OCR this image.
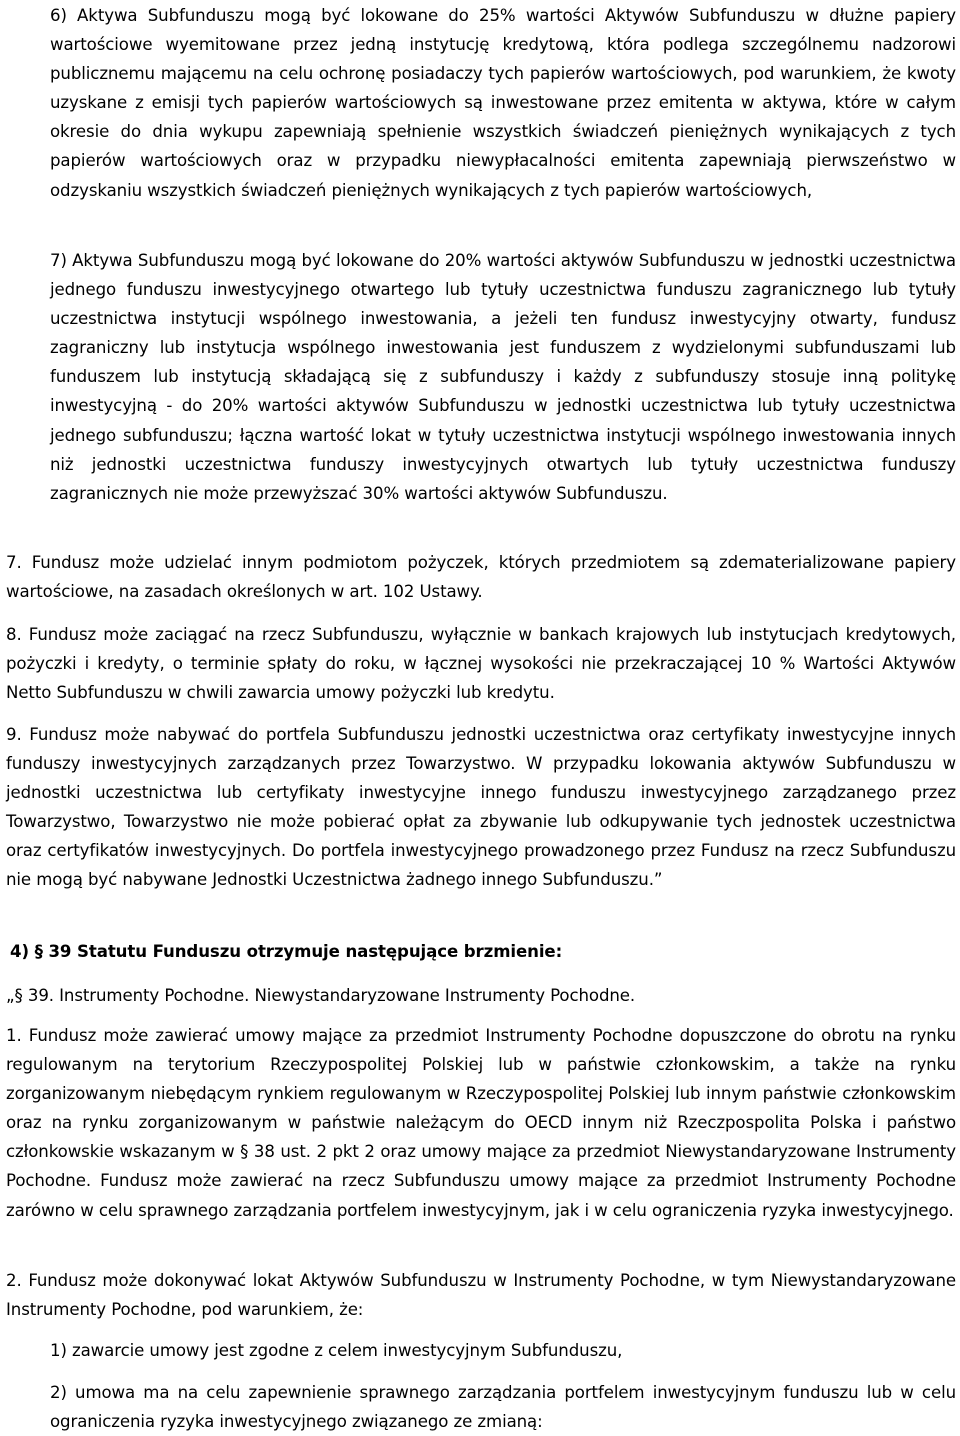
6) Aktywa Subfunduszu mogą być lokowane do 25% wartości Aktywów Subfunduszu w dłużne papiery wartościowe wyemitowane przez jedną instytucję kredytową, która podlega szczególnemu nadzorowi publicznemu mającemu na celu ochronę posiadaczy tych papierów wartościowych, pod warunkiem, że kwoty uzyskane z emisji tych papierów wartościowych są inwestowane przez emitenta w aktywa, które w całym okresie do dnia wykupu zapewniają spełnienie wszystkich świadczeń pieniężnych wynikających z tych papierów wartościowych oraz w przypadku niewypłacalności emitenta zapewniają pierwszeństwo w odzyskaniu wszystkich świadczeń pieniężnych wynikających z tych papierów wartościowych,

7) Aktywa Subfunduszu mogą być lokowane do 20% wartości aktywów Subfunduszu w jednostki uczestnictwa jednego funduszu inwestycyjnego otwartego lub tytuły uczestnictwa funduszu zagranicznego lub tytuły uczestnictwa instytucji wspólnego inwestowania, a jeżeli ten fundusz inwestycyjny otwarty, fundusz zagraniczny lub instytucja wspólnego inwestowania jest funduszem z wydzielonymi subfunduszami lub funduszem lub instytucją składającą się z subfunduszy i każdy z subfunduszy stosuje inną politykę inwestycyjną - do 20% wartości aktywów Subfunduszu w jednostki uczestnictwa lub tytuły uczestnictwa jednego subfunduszu; łączna wartość lokat w tytuły uczestnictwa instytucji wspólnego inwestowania innych niż jednostki uczestnictwa funduszy inwestycyjnych otwartych lub tytuły uczestnictwa funduszy zagranicznych nie może przewyższać 30% wartości aktywów Subfunduszu.

7. Fundusz może udzielać innym podmiotom pożyczek, których przedmiotem są zdematerializowane papiery wartościowe, na zasadach określonych w art. 102 Ustawy.

8. Fundusz może zaciągać na rzecz Subfunduszu, wyłącznie w bankach krajowych lub instytucjach kredytowych, pożyczki i kredyty, o terminie spłaty do roku, w łącznej wysokości nie przekraczającej 10 % Wartości Aktywów Netto Subfunduszu w chwili zawarcia umowy pożyczki lub kredytu.

9. Fundusz może nabywać do portfela Subfunduszu jednostki uczestnictwa oraz certyfikaty inwestycyjne innych funduszy inwestycyjnych zarządzanych przez Towarzystwo. W przypadku lokowania aktywów Subfunduszu w jednostki uczestnictwa lub certyfikaty inwestycyjne innego funduszu inwestycyjnego zarządzanego przez Towarzystwo, Towarzystwo nie może pobierać opłat za zbywanie lub odkupywanie tych jednostek uczestnictwa oraz certyfikatów inwestycyjnych. Do portfela inwestycyjnego prowadzonego przez Fundusz na rzecz Subfunduszu nie mogą być nabywane Jednostki Uczestnictwa żadnego innego Subfunduszu.”

4) § 39 Statutu Funduszu otrzymuje następujące brzmienie:

„§ 39. Instrumenty Pochodne. Niewystandaryzowane Instrumenty Pochodne.

1. Fundusz może zawierać umowy mające za przedmiot Instrumenty Pochodne dopuszczone do obrotu na rynku regulowanym na terytorium Rzeczypospolitej Polskiej lub w państwie członkowskim, a także na rynku zorganizowanym niebędącym rynkiem regulowanym w Rzeczypospolitej Polskiej lub innym państwie członkowskim oraz na rynku zorganizowanym w państwie należącym do OECD innym niż Rzeczpospolita Polska i państwo członkowskie wskazanym w § 38 ust. 2 pkt 2 oraz umowy mające za przedmiot Niewystandaryzowane Instrumenty Pochodne. Fundusz może zawierać na rzecz Subfunduszu umowy mające za przedmiot Instrumenty Pochodne zarówno w celu sprawnego zarządzania portfelem inwestycyjnym, jak i w celu ograniczenia ryzyka inwestycyjnego.

2. Fundusz może dokonywać lokat Aktywów Subfunduszu w Instrumenty Pochodne, w tym Niewystandaryzowane Instrumenty Pochodne, pod warunkiem, że:

1) zawarcie umowy jest zgodne z celem inwestycyjnym Subfunduszu,

2) umowa ma na celu zapewnienie sprawnego zarządzania portfelem inwestycyjnym funduszu lub w celu ograniczenia ryzyka inwestycyjnego związanego ze zmianą:
